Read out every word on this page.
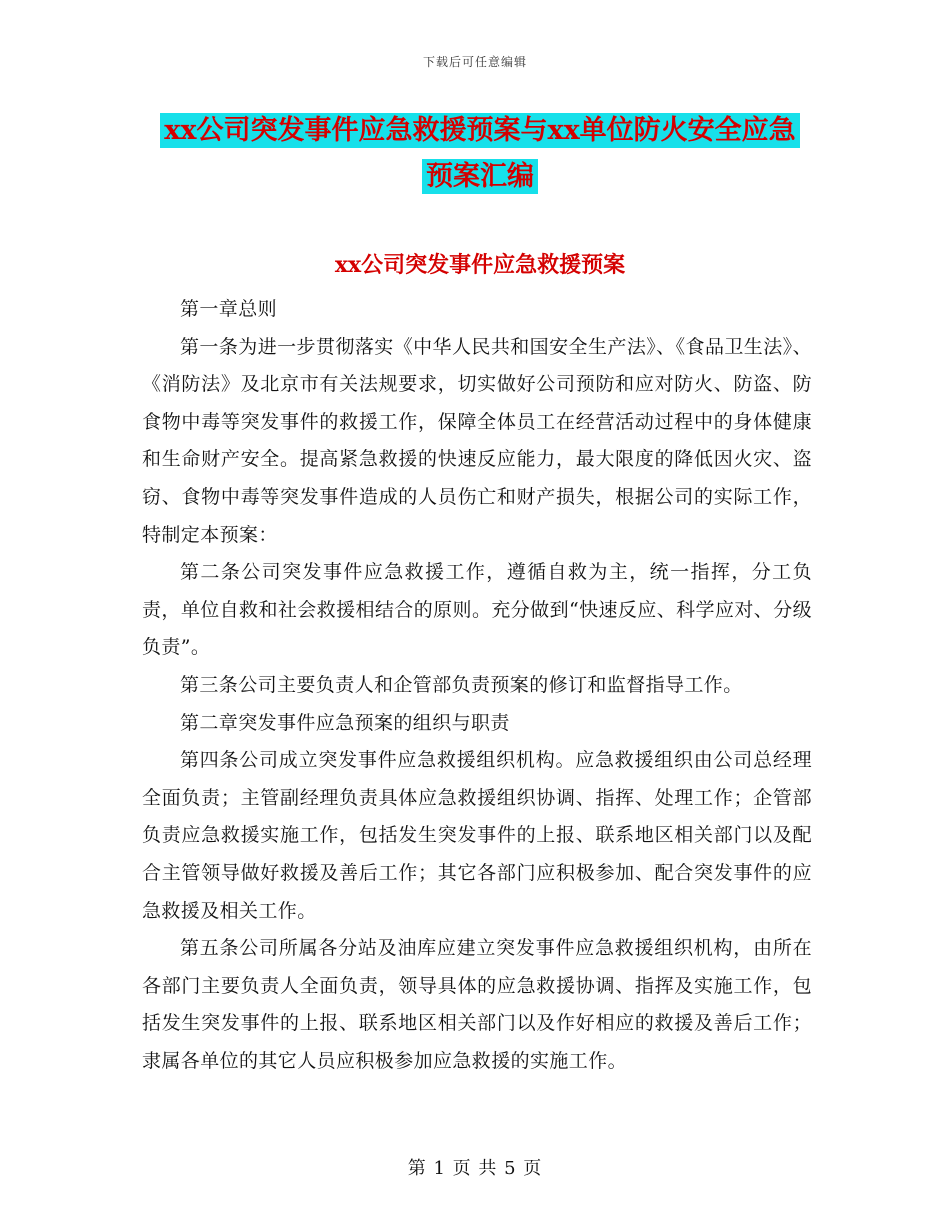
下载后可任意编辑
xx公司突发事件应急救援预案与xx单位防火安全应急
预案汇编
xx公司突发事件应急救援预案

第一章总则

第一条为进一步贯彻落实《中华人民共和国安全生产法》、《食品卫生法》、《消防法》及北京市有关法规要求，切实做好公司预防和应对防火、防盗、防食物中毒等突发事件的救援工作，保障全体员工在经营活动过程中的身体健康和生命财产安全。提高紧急救援的快速反应能力，最大限度的降低因火灾、盗窃、食物中毒等突发事件造成的人员伤亡和财产损失，根据公司的实际工作，特制定本预案：

第二条公司突发事件应急救援工作，遵循自救为主，统一指挥，分工负责，单位自救和社会救援相结合的原则。充分做到“快速反应、科学应对、分级负责”。

第三条公司主要负责人和企管部负责预案的修订和监督指导工作。

第二章突发事件应急预案的组织与职责

第四条公司成立突发事件应急救援组织机构。应急救援组织由公司总经理全面负责；主管副经理负责具体应急救援组织协调、指挥、处理工作；企管部负责应急救援实施工作，包括发生突发事件的上报、联系地区相关部门以及配合主管领导做好救援及善后工作；其它各部门应积极参加、配合突发事件的应急救援及相关工作。

第五条公司所属各分站及油库应建立突发事件应急救援组织机构，由所在各部门主要负责人全面负责，领导具体的应急救援协调、指挥及实施工作，包括发生突发事件的上报、联系地区相关部门以及作好相应的救援及善后工作；隶属各单位的其它人员应积极参加应急救援的实施工作。

第 1 页 共 5 页
